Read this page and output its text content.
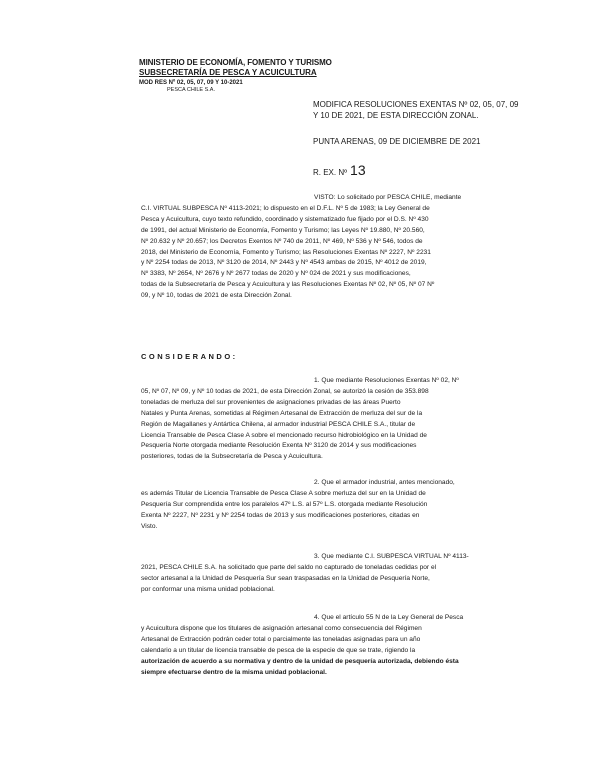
MINISTERIO DE ECONOMÍA, FOMENTO Y TURISMO
SUBSECRETARÍA DE PESCA Y ACUICULTURA
MOD RES Nº 02, 05, 07, 09 Y 10-2021
PESCA CHILE S.A.
MODIFICA RESOLUCIONES EXENTAS Nº 02, 05, 07, 09
Y 10 DE 2021, DE ESTA DIRECCIÓN ZONAL.
PUNTA ARENAS, 09 DE DICIEMBRE DE 2021
R. EX. Nº 13
VISTO: Lo solicitado por PESCA CHILE, mediante
C.I. VIRTUAL SUBPESCA Nº 4113-2021; lo dispuesto en el D.F.L. Nº 5 de 1983; la Ley General de
Pesca y Acuicultura, cuyo texto refundido, coordinado y sistematizado fue fijado por el D.S. Nº 430
de 1991, del actual Ministerio de Economía, Fomento y Turismo; las Leyes Nº 19.880, Nº 20.560,
Nº 20.632 y Nº 20.657; los Decretos Exentos Nº 740 de 2011, Nº 469, Nº 536 y Nº 546, todos de
2018, del Ministerio de Economía, Fomento y Turismo; las Resoluciones Exentas Nº 2227, Nº 2231
y Nº 2254 todas de 2013, Nº 3120 de 2014, Nº 2443 y Nº 4543 ambas de 2015, Nº 4012 de 2019,
Nº 3383, Nº 2654, Nº 2676 y Nº 2677 todas de 2020 y Nº 024 de 2021 y sus modificaciones,
todas de la Subsecretaría de Pesca y Acuicultura y las Resoluciones Exentas Nº 02, Nº 05, Nº 07 Nº
09, y Nº 10, todas de 2021 de esta Dirección Zonal.
CONSIDERANDO:
1. Que mediante Resoluciones Exentas Nº 02, Nº
05, Nº 07, Nº 09, y Nº 10 todas de 2021, de esta Dirección Zonal, se autorizó la cesión de 353.898
toneladas de merluza del sur provenientes de asignaciones privadas de las áreas Puerto
Natales y Punta Arenas, sometidas al Régimen Artesanal de Extracción de merluza del sur de la
Región de Magallanes y Antártica Chilena, al armador industrial PESCA CHILE S.A., titular de
Licencia Transable de Pesca Clase A sobre el mencionado recurso hidrobiológico en la Unidad de
Pesquería Norte otorgada mediante Resolución Exenta Nº 3120 de 2014 y sus modificaciones
posteriores, todas de la Subsecretaría de Pesca y Acuicultura.
2. Que el armador industrial, antes mencionado,
es además Titular de Licencia Transable de Pesca Clase A sobre merluza del sur en la Unidad de
Pesquería Sur comprendida entre los paralelos 47º L.S. al 57º L.S. otorgada mediante Resolución
Exenta Nº 2227, Nº 2231 y Nº 2254 todas de 2013 y sus modificaciones posteriores, citadas en
Visto.
3. Que mediante C.I. SUBPESCA VIRTUAL Nº 4113-
2021, PESCA CHILE S.A. ha solicitado que parte del saldo no capturado de toneladas cedidas por el
sector artesanal a la Unidad de Pesquería Sur sean traspasadas en la Unidad de Pesquería Norte,
por conformar una misma unidad poblacional.
4. Que el artículo 55 N de la Ley General de Pesca
y Acuicultura dispone que los titulares de asignación artesanal como consecuencia del Régimen
Artesanal de Extracción podrán ceder total o parcialmente las toneladas asignadas para un año
calendario a un titular de licencia transable de pesca de la especie de que se trate, rigiendo la
autorización de acuerdo a su normativa y dentro de la unidad de pesquería autorizada, debiendo ésta
siempre efectuarse dentro de la misma unidad poblacional.
